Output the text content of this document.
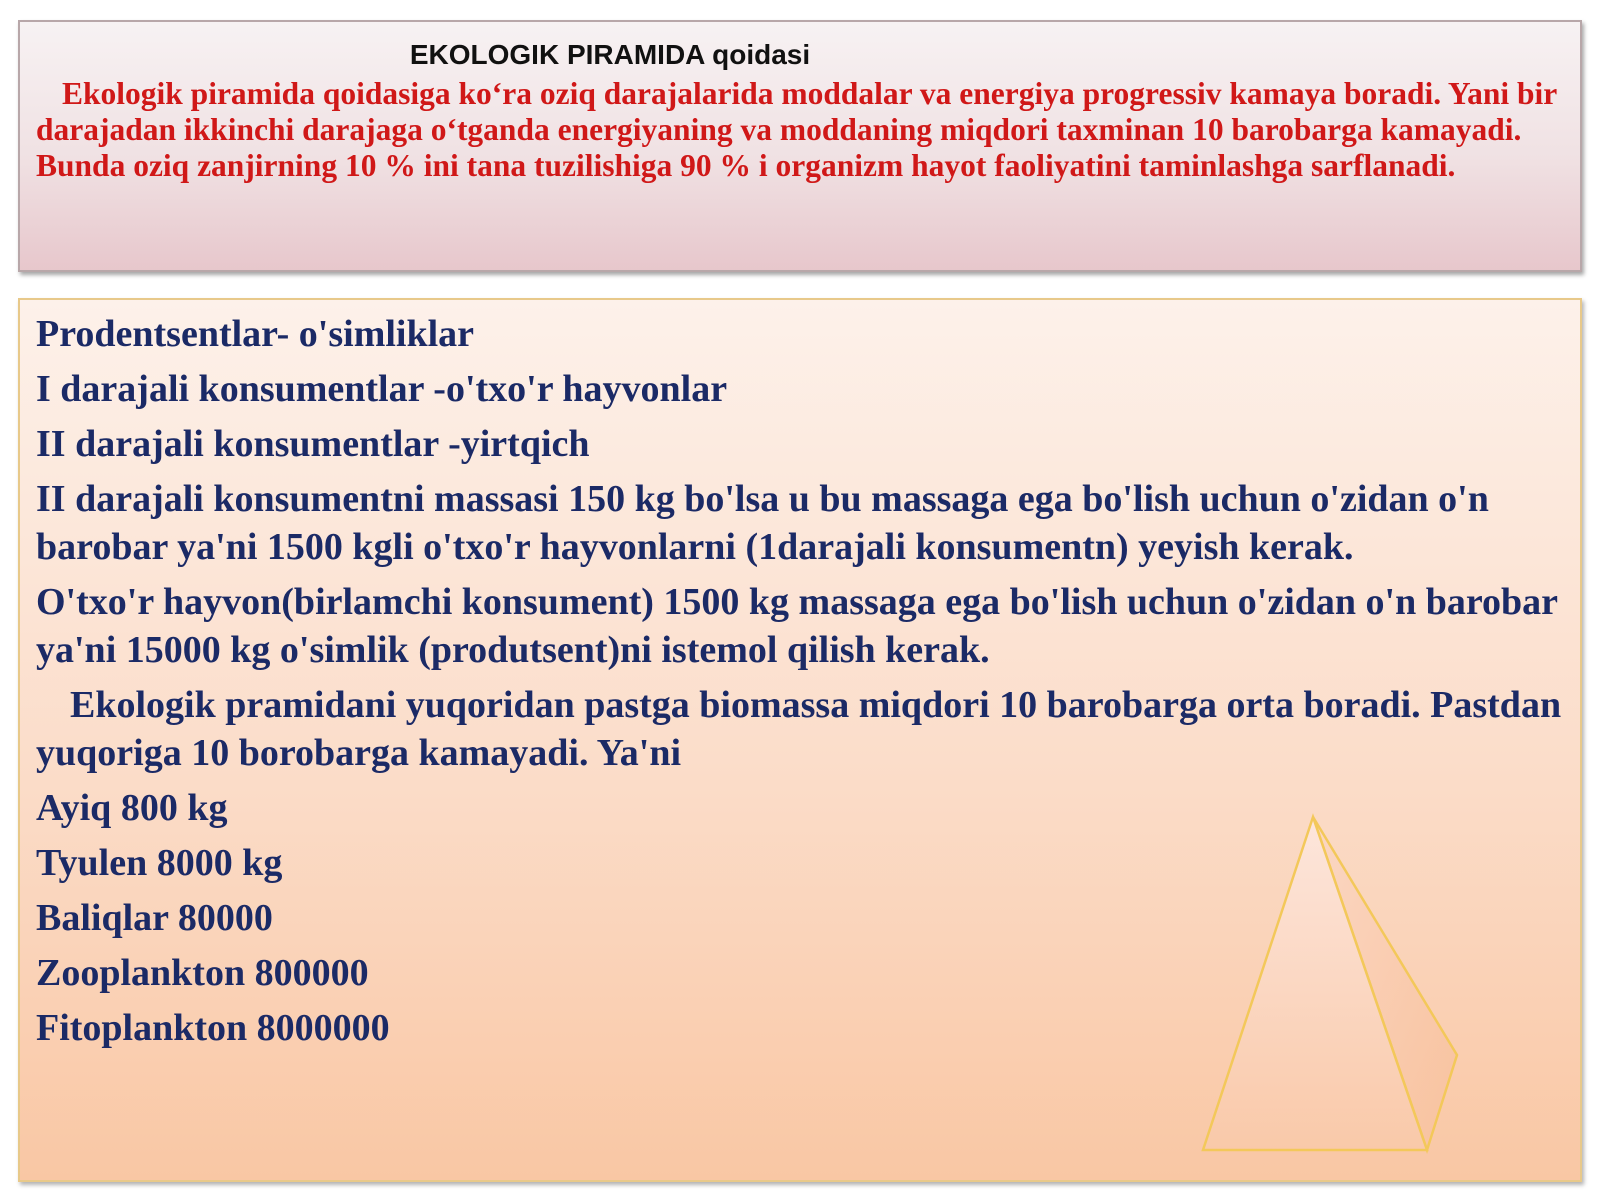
EKOLOGIK PIRAMIDA qoidasi

Ekologik piramida qoidasiga ko‘ra oziq darajalarida moddalar va energiya progressiv kamaya boradi. Yani bir darajadan ikkinchi darajaga o‘tganda energiyaning va moddaning miqdori taxminan 10 barobarga kamayadi. Bunda oziq zanjirning 10 % ini tana tuzilishiga 90 % i organizm hayot faoliyatini taminlashga sarflanadi.

Prodentsentlar- o'simliklar

I darajali konsumentlar -o'txo'r hayvonlar

II darajali konsumentlar -yirtqich

II darajali konsumentni massasi 150 kg bo'lsa u bu massaga ega bo'lish uchun o'zidan o'n barobar ya'ni 1500 kgli o'txo'r hayvonlarni (1darajali konsumentn) yeyish kerak.

O'txo'r hayvon(birlamchi konsument) 1500 kg massaga ega bo'lish uchun o'zidan o'n barobar ya'ni 15000 kg o'simlik (produtsent)ni istemol qilish kerak.

Ekologik pramidani yuqoridan pastga biomassa miqdori 10 barobarga orta boradi. Pastdan yuqoriga 10 borobarga kamayadi. Ya'ni

Ayiq 800 kg

Tyulen 8000 kg

Baliqlar 80000

Zooplankton 800000

Fitoplankton 8000000
